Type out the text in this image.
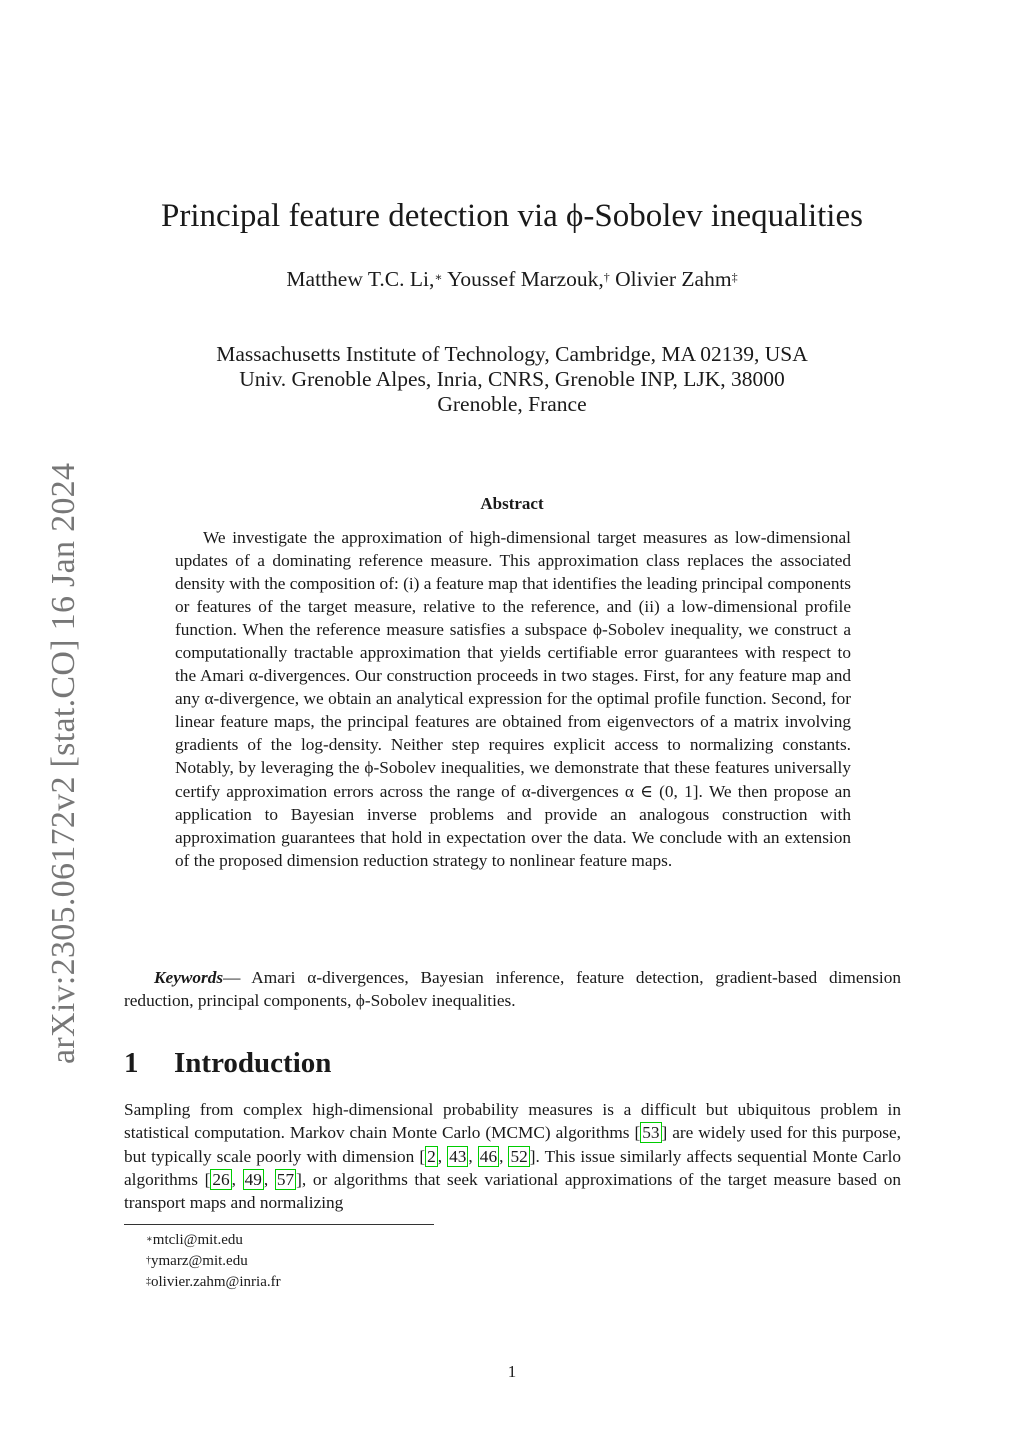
Principal feature detection via ϕ-Sobolev inequalities
Matthew T.C. Li,∗ Youssef Marzouk,† Olivier Zahm‡
Massachusetts Institute of Technology, Cambridge, MA 02139, USA
Univ. Grenoble Alpes, Inria, CNRS, Grenoble INP, LJK, 38000
Grenoble, France
arXiv:2305.06172v2 [stat.CO] 16 Jan 2024	Abstract
We investigate the approximation of high-dimensional target measures as low-dimensional updates of a dominating reference measure. This approximation class replaces the associated density with the composition of: (i) a feature map that identifies the leading principal components or features of the target measure, relative to the reference, and (ii) a low-dimensional profile function. When the reference measure satisfies a subspace ϕ-Sobolev inequality, we construct a computationally tractable approximation that yields certifiable error guarantees with respect to the Amari α-divergences. Our construction proceeds in two stages. First, for any feature map and any α-divergence, we obtain an analytical expression for the optimal profile function. Second, for linear feature maps, the principal features are obtained from eigenvectors of a matrix involving gradients of the log-density. Neither step requires explicit access to normalizing constants. Notably, by leveraging the ϕ-Sobolev inequalities, we demonstrate that these features universally certify approximation errors across the range of α-divergences α ∈ (0, 1]. We then propose an application to Bayesian inverse problems and provide an analogous construction with approximation guarantees that hold in expectation over the data. We conclude with an extension of the proposed dimension reduction strategy to nonlinear feature maps.
Keywords— Amari α-divergences, Bayesian inference, feature detection, gradient-based dimension reduction, principal components, ϕ-Sobolev inequalities.
1 Introduction
Sampling from complex high-dimensional probability measures is a difficult but ubiquitous problem in statistical computation. Markov chain Monte Carlo (MCMC) algorithms [ 53 ] are widely used for this purpose, but typically scale poorly with dimension [ 2 , 43 , 46 , 52 ]. This issue similarly affects sequential Monte Carlo algorithms [ 26 , 49 , 57 ], or algorithms that seek variational approximations of the target measure based on transport maps and normalizing
∗mtcli@mit.edu
†ymarz@mit.edu
‡olivier.zahm@inria.fr
1
